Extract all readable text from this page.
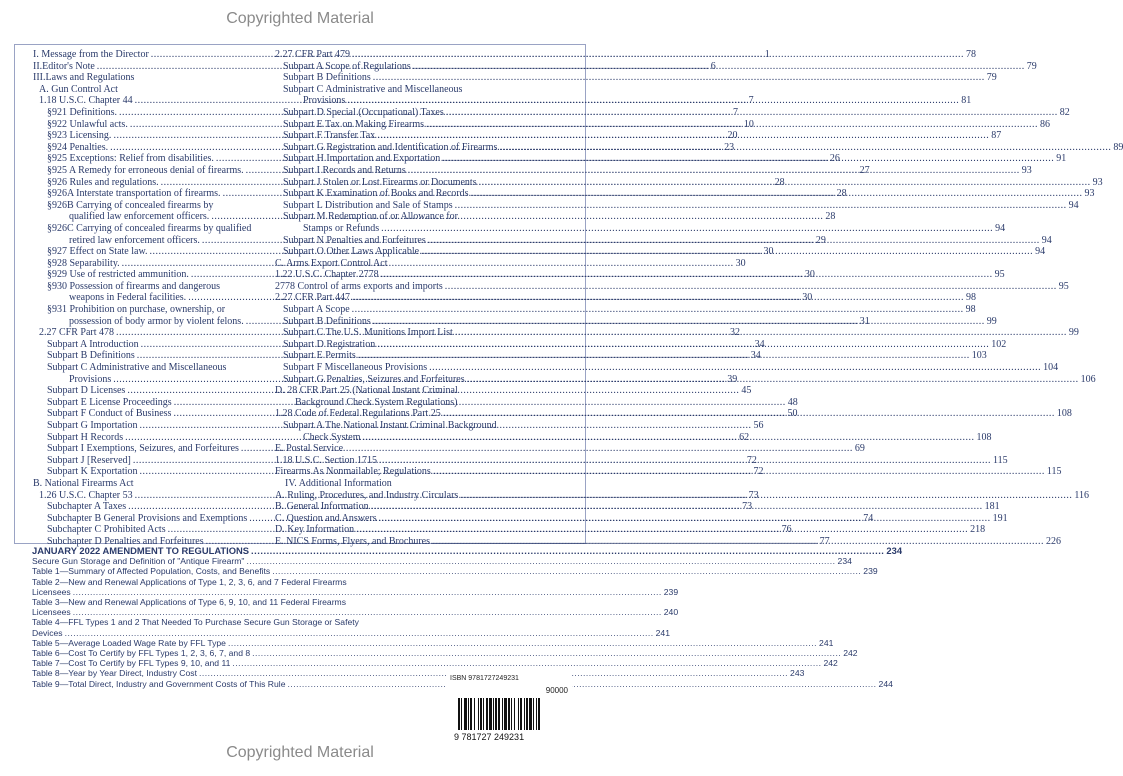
Copyrighted Material
I. Message from the Director .....	1
II.Editor's Note .....	6
III.Laws and Regulations
A. Gun Control Act
1.18 U.S.C. Chapter 44 .....	7
§921 Definitions. .....	7
§922 Unlawful acts. .....	10
§923 Licensing. .....	20
§924 Penalties. .....	23
§925 Exceptions: Relief from disabilities. .....	26
§925 A Remedy for erroneous denial of firearms. .....	27
§926 Rules and regulations. .....	28
§926A Interstate transportation of firearms. .....	28
§926B Carrying of concealed firearms by
qualified law enforcement officers. .....	28
§926C Carrying of concealed firearms by qualified
retired law enforcement officers. .....	29
§927 Effect on State law. .....	30
§928 Separability. .....	30
§929 Use of restricted ammunition. .....	30
§930 Possession of firearms and dangerous
weapons in Federal facilities. .....	30
§931 Prohibition on purchase, ownership, or
possession of body armor by violent felons. .....	31
2.27 CFR Part 478 .....	32
Subpart A Introduction .....	34
Subpart B Definitions .....	34
Subpart C Administrative and Miscellaneous
Provisions .....	39
Subpart D Licenses .....	45
Subpart E License Proceedings .....	48
Subpart F Conduct of Business .....	50
Subpart G Importation .....	56
Subpart H Records .....	62
Subpart I Exemptions, Seizures, and Forfeitures .....	69
Subpart J [Reserved] .....	72
Subpart K Exportation .....	72
B. National Firearms Act
1.26 U.S.C. Chapter 53 .....	73
Subchapter A Taxes .....	73
Subchapter B General Provisions and Exemptions .....	74
Subchapter C Prohibited Acts .....	76
Subchapter D Penalties and Forfeitures .....	77
2.27 CFR Part 479 .....	78
Subpart A Scope of Regulations .....	79
Subpart B Definitions .....	79
Subpart C Administrative and Miscellaneous
Provisions .....	81
Subpart D Special (Occupational) Taxes .....	82
Subpart E Tax on Making Firearms .....	86
Subpart F Transfer Tax .....	87
Subpart G Registration and Identification of Firearms .....	89
Subpart H Importation and Exportation .....	91
Subpart I Records and Returns .....	93
Subpart J Stolen or Lost Firearms or Documents .....	93
Subpart K Examination of Books and Records .....	93
Subpart L Distribution and Sale of Stamps .....	94
Subpart M Redemption of or Allowance for
Stamps or Refunds .....	94
Subpart N Penalties and Forfeitures .....	94
Subpart O Other Laws Applicable .....	94
C. Arms Export Control Act
1.22 U.S.C. Chapter 2778 .....	95
2778 Control of arms exports and imports .....	95
2.27 CFR Part 447 .....	98
Subpart A Scope .....	98
Subpart B Definitions .....	99
Subpart C The U.S. Munitions Import List .....	99
Subpart D Registration .....	102
Subpart E Permits .....	103
Subpart F Miscellaneous Provisions .....	104
Subpart G Penalties, Seizures and Forfeitures .....	106
D. 28 CFR Part 25 (National Instant Criminal
Background Check System Regulations)
1.28 Code of Federal Regulations Part 25 .....	108
Subpart A The National Instant Criminal Background
Check System .....	108
E. Postal Service
1.18 U.S.C. Section 1715 .....	115
Firearms As Nonmailable; Regulations .....	115
IV. Additional Information
A. Ruling, Procedures, and Industry Circulars .....	116
B. General Information .....	181
C. Question and Answers .....	191
D. Key Information .....	218
E. NICS Forms, Flyers, and Brochures .....	226
JANUARY 2022 AMENDMENT TO REGULATIONS .....	234
Secure Gun Storage and Definition of "Antique Firearm" .....	234
Table 1—Summary of Affected Population, Costs, and Benefits .....	239
Table 2—New and Renewal Applications of Type 1, 2, 3, 6, and 7 Federal Firearms
Licensees .....	239
Table 3—New and Renewal Applications of Type 6, 9, 10, and 11 Federal Firearms
Licensees .....	240
Table 4—FFL Types 1 and 2 That Needed To Purchase Secure Gun Storage or Safety
Devices .....	241
Table 5—Average Loaded Wage Rate by FFL Type .....	241
Table 6—Cost To Certify by FFL Types 1, 2, 3, 6, 7, and 8 .....	242
Table 7—Cost To Certify by FFL Types 9, 10, and 11 .....	242
Table 8—Year by Year Direct, Industry Cost .....	243
Table 9—Total Direct, Industry and Government Costs of This Rule .....	244
ISBN 9781727249231
90000
9 781727 249231
Copyrighted Material
